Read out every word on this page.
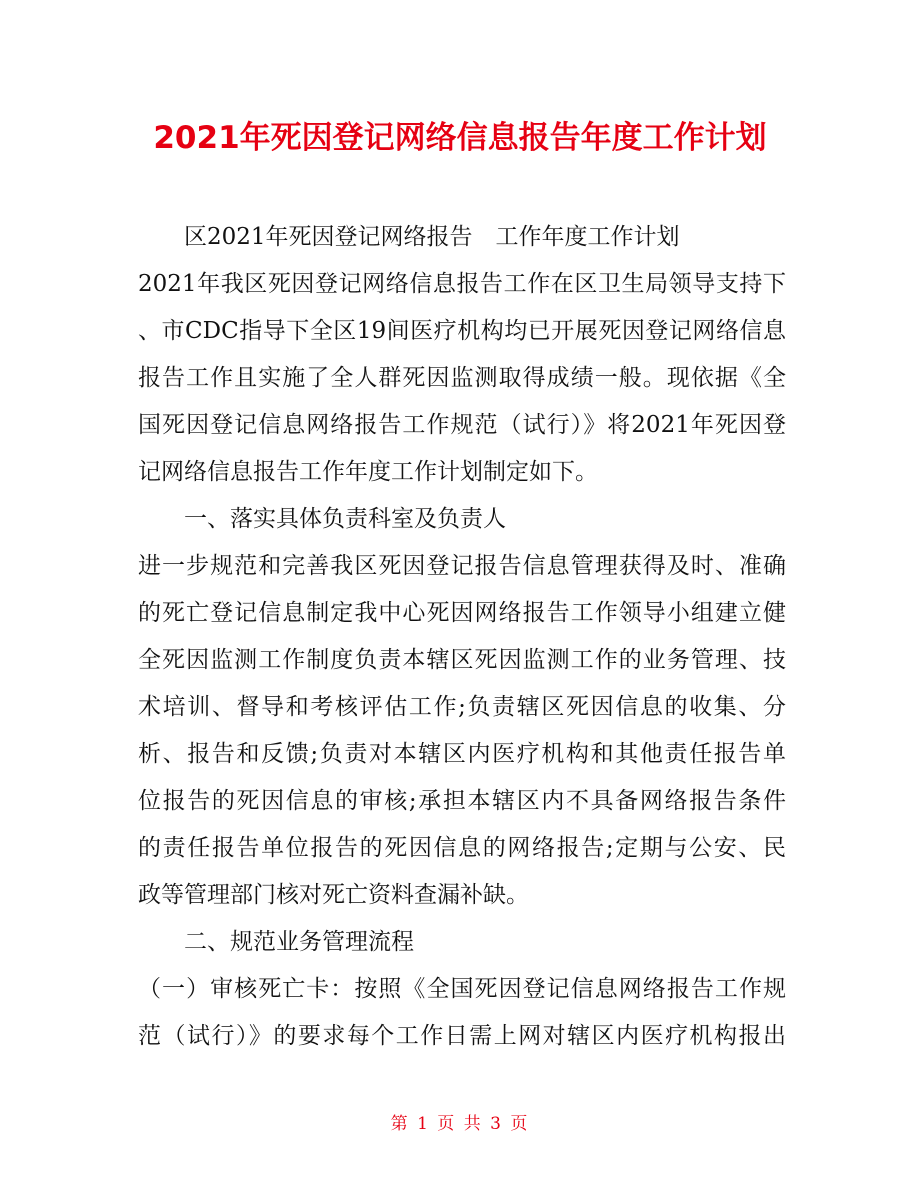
2021年死因登记网络信息报告年度工作计划
区2021年死因登记网络报告　工作年度工作计划
2021年我区死因登记网络信息报告工作在区卫生局领导支持下
、市CDC指导下全区19间医疗机构均已开展死因登记网络信息
报告工作且实施了全人群死因监测取得成绩一般。现依据《全
国死因登记信息网络报告工作规范（试行）》将2021年死因登
记网络信息报告工作年度工作计划制定如下。
一、落实具体负责科室及负责人
进一步规范和完善我区死因登记报告信息管理获得及时、准确
的死亡登记信息制定我中心死因网络报告工作领导小组建立健
全死因监测工作制度负责本辖区死因监测工作的业务管理、技
术培训、督导和考核评估工作;负责辖区死因信息的收集、分
析、报告和反馈;负责对本辖区内医疗机构和其他责任报告单
位报告的死因信息的审核;承担本辖区内不具备网络报告条件
的责任报告单位报告的死因信息的网络报告;定期与公安、民
政等管理部门核对死亡资料查漏补缺。
二、规范业务管理流程
（一）审核死亡卡：按照《全国死因登记信息网络报告工作规
范（试行）》的要求每个工作日需上网对辖区内医疗机构报出
第 1 页 共 3 页
